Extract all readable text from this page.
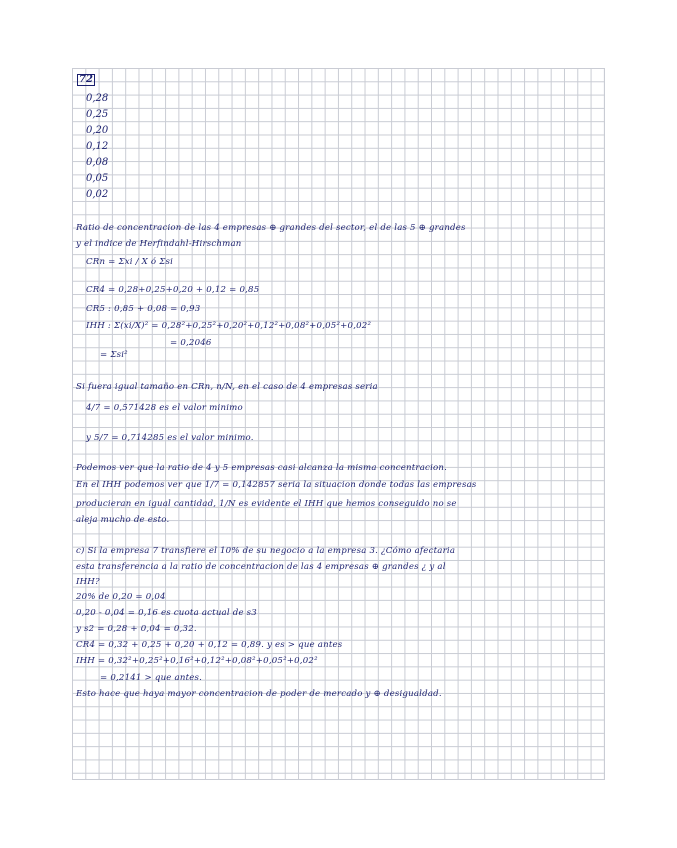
72
0,28
0,25
0,20
0,12
0,08
0,05
0,02
Ratio de concentracion de las 4 empresas ⊕ grandes del sector, el de las 5 ⊕ grandes
y el indice de Herfindahl-Hirschman
CRn = Σxi / X ó Σsi
CR4 = 0,28+0,25+0,20 + 0,12 = 0,85
CR5 : 0,85 + 0,08 = 0,93
IHH : Σ(xi/X)² = 0,28²+0,25²+0,20²+0,12²+0,08²+0,05²+0,02²
= Σsi²
= 0,2046
Si fuera igual tamaño en CRn, n/N, en el caso de 4 empresas seria
4/7 = 0,571428 es el valor minimo
y 5/7 = 0,714285 es el valor minimo.
Podemos ver que la ratio de 4 y 5 empresas casi alcanza la misma concentracion.
En el IHH podemos ver que 1/7 = 0,142857 seria la situacion donde todas las empresas
producieran en igual cantidad, 1/N es evidente el IHH que hemos conseguido no se
aleja mucho de esto.
c) Si la empresa 7 transfiere el 10% de su negocio a la empresa 3. ¿Cómo afectaria
esta transferencia a la ratio de concentracion de las 4 empresas ⊕ grandes ¿ y al
IHH?
20% de 0,20 = 0,04
0,20 - 0,04 = 0,16 es cuota actual de s3
y s2 = 0,28 + 0,04 = 0,32.
CR4 = 0,32 + 0,25 + 0,20 + 0,12 = 0,89. y es > que antes
IHH = 0,32²+0,25²+0,16²+0,12²+0,08²+0,05²+0,02²
= 0,2141 > que antes.
Esto hace que haya mayor concentracion de poder de mercado y ⊕ desigualdad.
